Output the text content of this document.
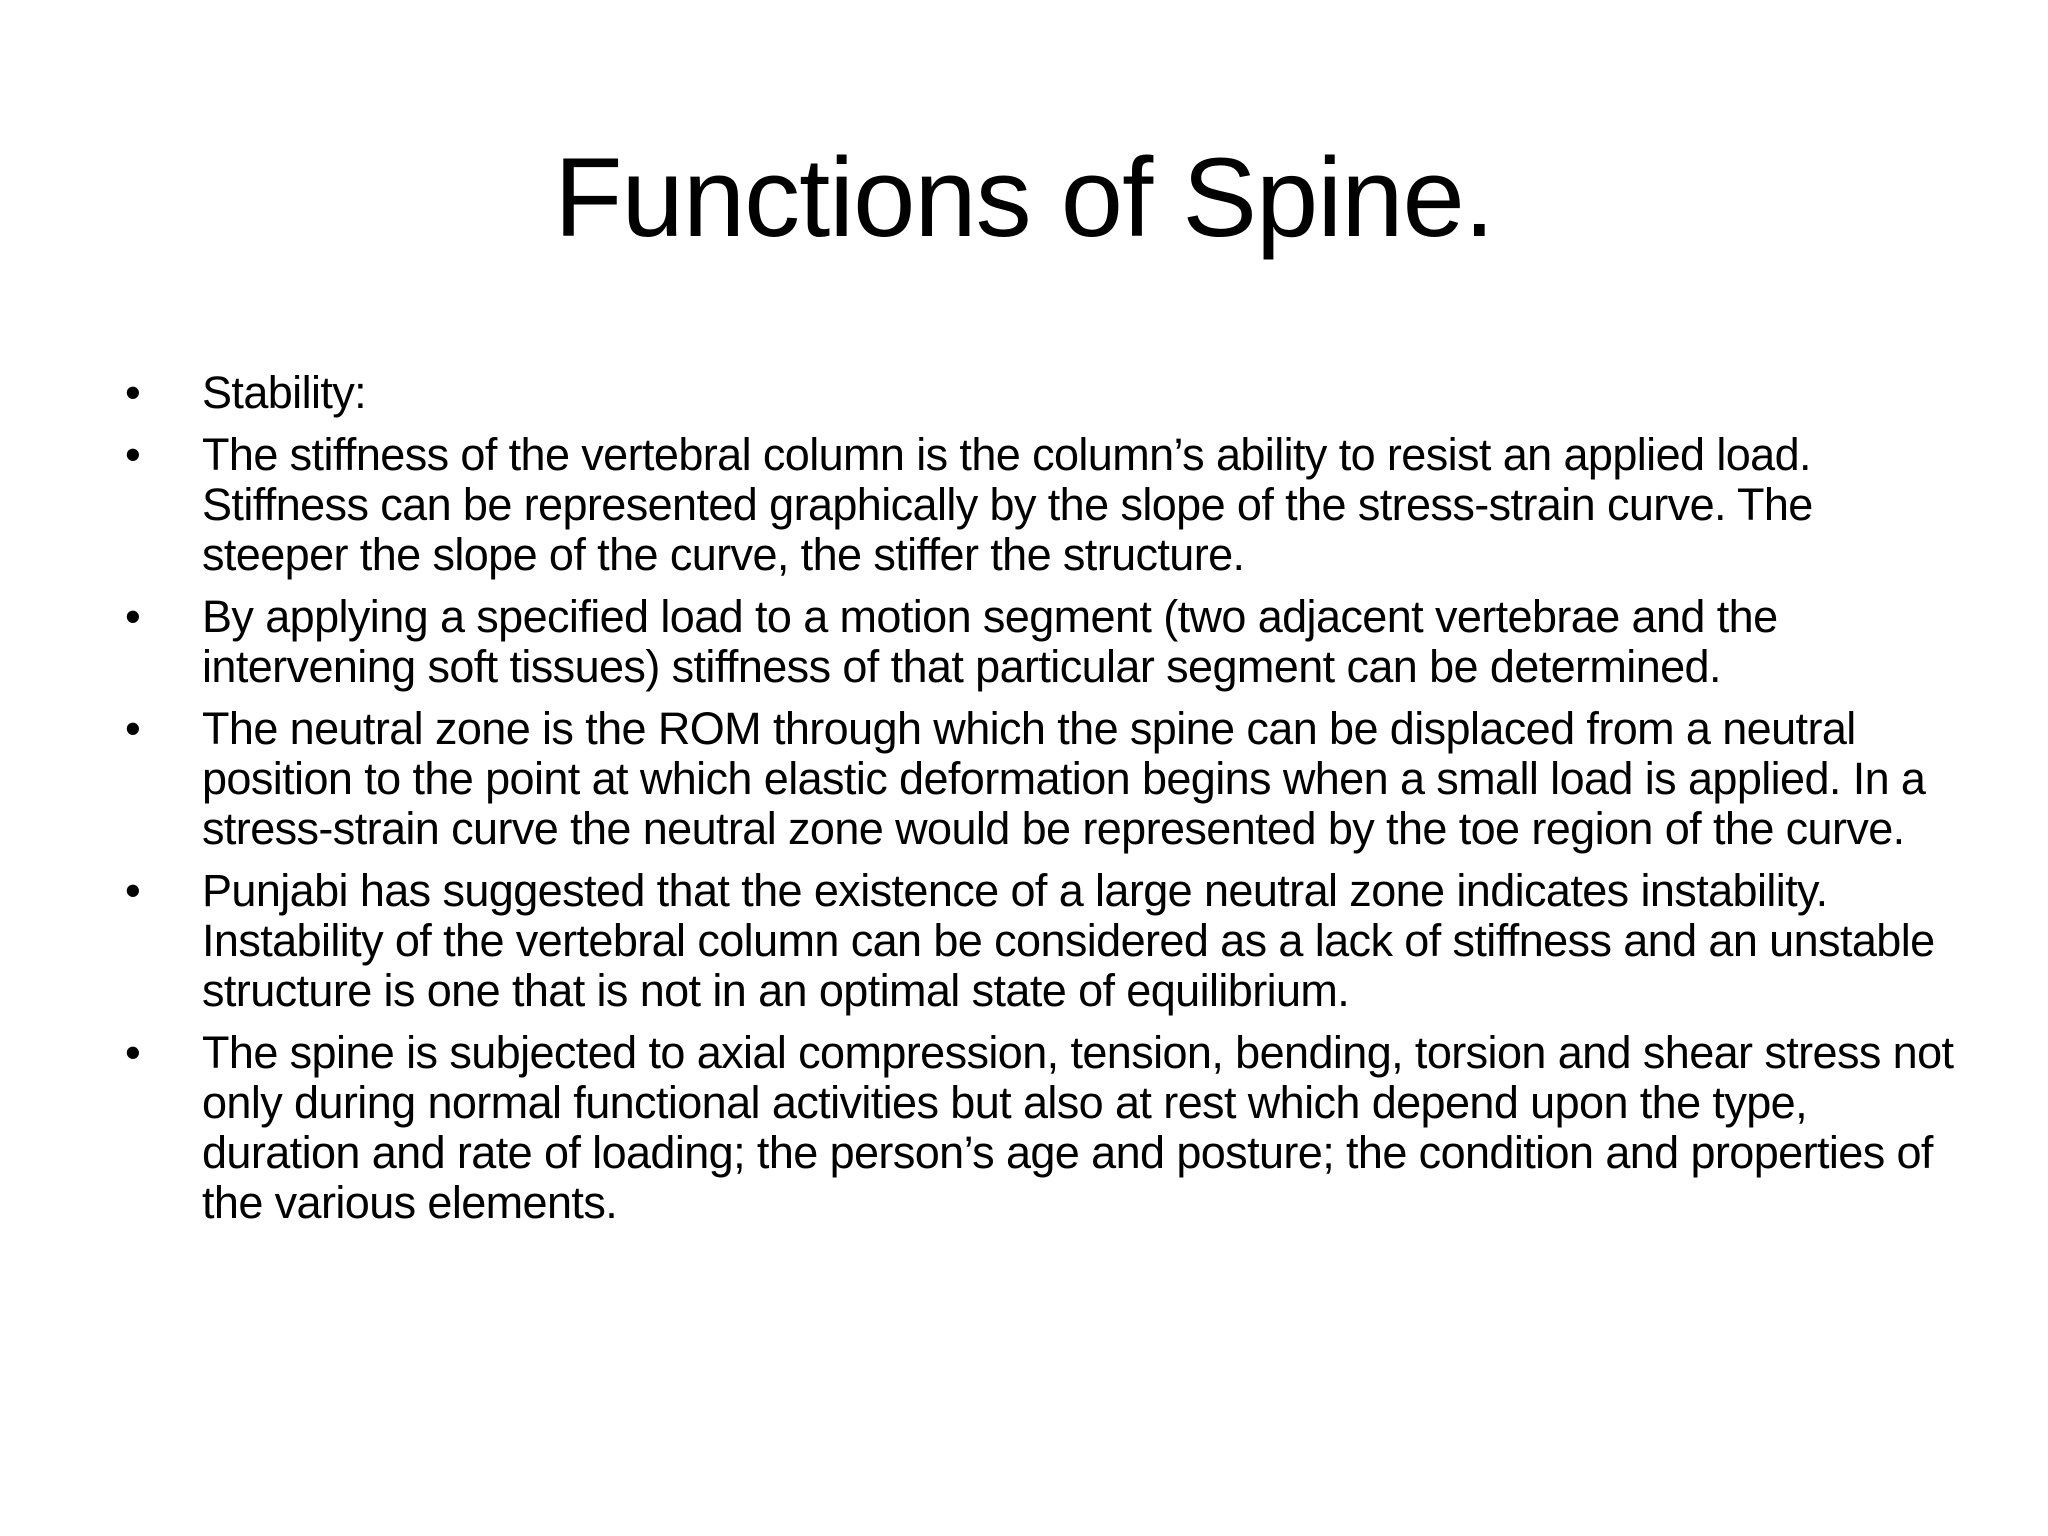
Functions of Spine.
• Stability:
• The stiffness of the vertebral column is the column’s ability to resist an applied load. Stiffness can be represented graphically by the slope of the stress-strain curve. The steeper the slope of the curve, the stiffer the structure.
• By applying a specified load to a motion segment (two adjacent vertebrae and the intervening soft tissues) stiffness of that particular segment can be determined.
• The neutral zone is the ROM through which the spine can be displaced from a neutral position to the point at which elastic deformation begins when a small load is applied. In a stress-strain curve the neutral zone would be represented by the toe region of the curve.
• Punjabi has suggested that the existence of a large neutral zone indicates instability. Instability of the vertebral column can be considered as a lack of stiffness and an unstable structure is one that is not in an optimal state of equilibrium.
• The spine is subjected to axial compression, tension, bending, torsion and shear stress not only during normal functional activities but also at rest which depend upon the type, duration and rate of loading; the person’s age and posture; the condition and properties of the various elements.
